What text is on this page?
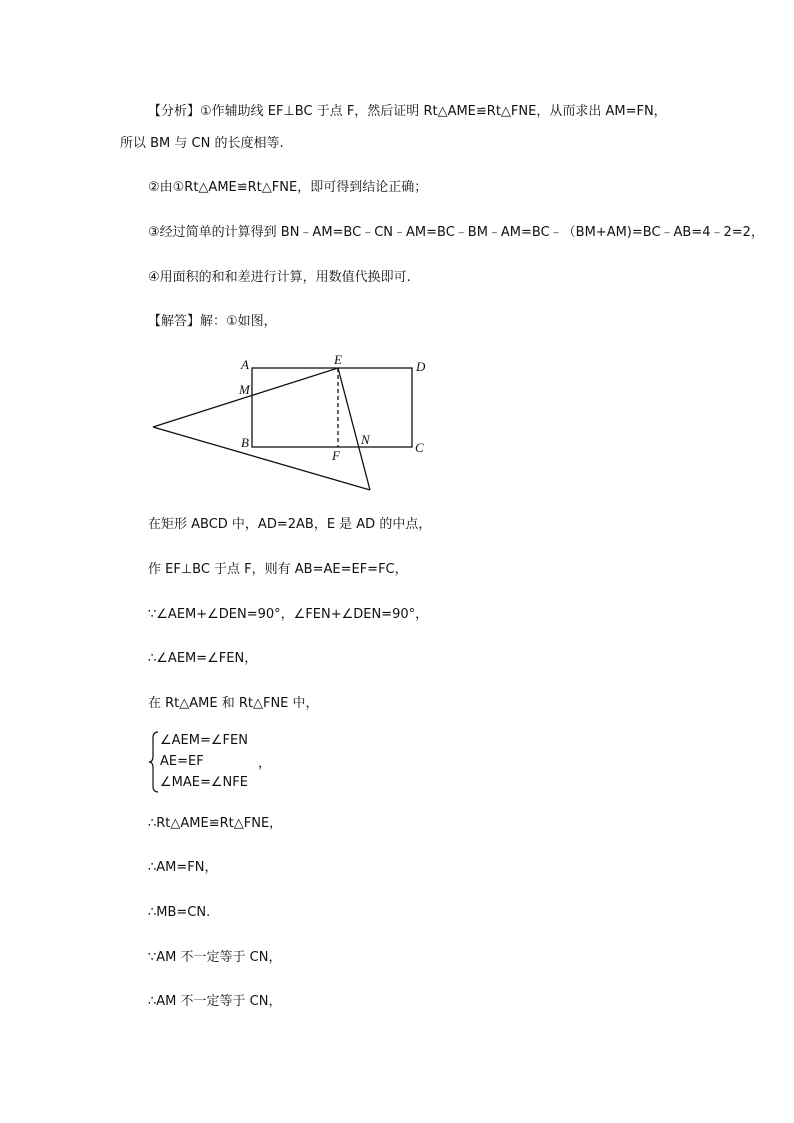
【分析】①作辅助线 EF⊥BC 于点 F，然后证明 Rt△AME≌Rt△FNE，从而求出 AM=FN，
所以 BM 与 CN 的长度相等.
②由①Rt△AME≌Rt△FNE，即可得到结论正确；
③经过简单的计算得到 BN﹣AM=BC﹣CN﹣AM=BC﹣BM﹣AM=BC﹣（BM+AM)=BC﹣AB=4﹣2=2，
④用面积的和和差进行计算，用数值代换即可.
【解答】解：①如图，
A	E	D
M
B
F
N
C
在矩形 ABCD 中，AD=2AB，E 是 AD 的中点，
作 EF⊥BC 于点 F，则有 AB=AE=EF=FC，
∵∠AEM+∠DEN=90°，∠FEN+∠DEN=90°，
∴∠AEM=∠FEN，
在 Rt△AME 和 Rt△FNE 中，
∠AEM=∠FEN
AE=EF
∠MAE=∠NFE
，
∴Rt△AME≌Rt△FNE，
∴AM=FN，
∴MB=CN.
∵AM 不一定等于 CN，
∴AM 不一定等于 CN，
